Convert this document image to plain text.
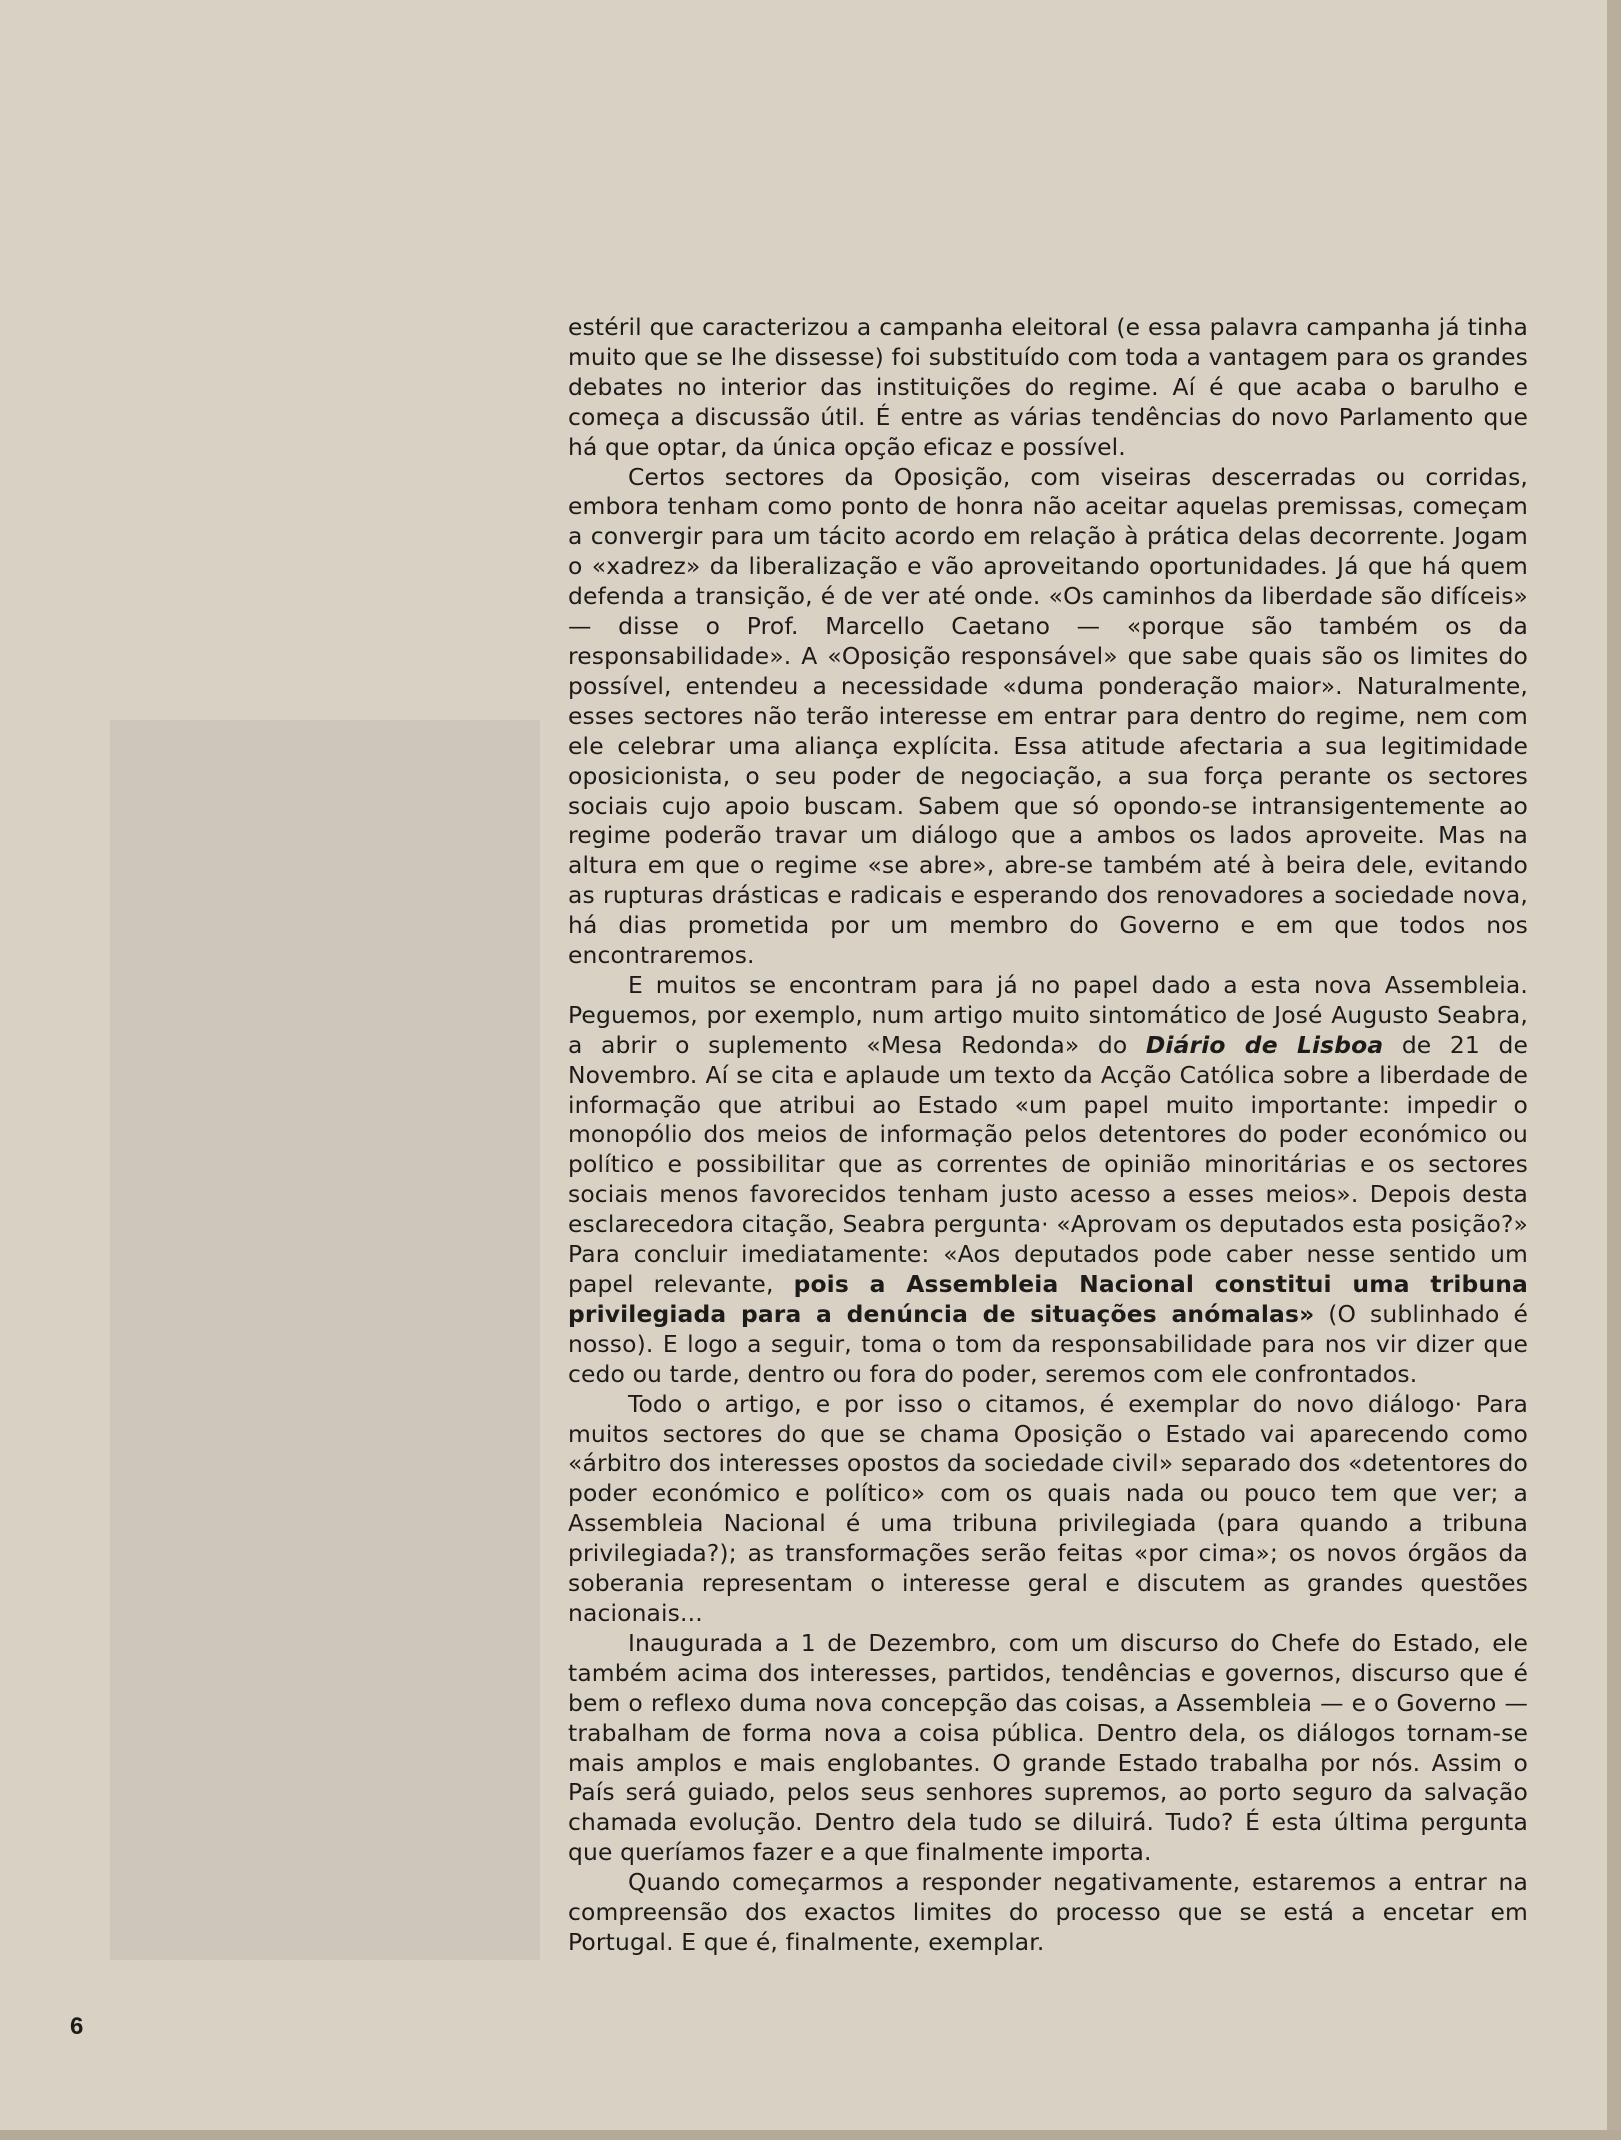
estéril que caracterizou a campanha eleitoral (e essa palavra campanha já tinha muito que se lhe dissesse) foi substituído com toda a vantagem para os grandes debates no interior das instituições do regime. Aí é que acaba o barulho e começa a discussão útil. É entre as várias tendências do novo Parlamento que há que optar, da única opção eficaz e possível.

Certos sectores da Oposição, com viseiras descerradas ou corridas, embora tenham como ponto de honra não aceitar aquelas premissas, começam a convergir para um tácito acordo em relação à prática delas decorrente. Jogam o «xadrez» da liberalização e vão aproveitando oportunidades. Já que há quem defenda a transição, é de ver até onde. «Os caminhos da liberdade são difíceis» — disse o Prof. Marcello Caetano — «porque são também os da responsabilidade». A «Oposição responsável» que sabe quais são os limites do possível, entendeu a necessidade «duma ponderação maior». Naturalmente, esses sectores não terão interesse em entrar para dentro do regime, nem com ele celebrar uma aliança explícita. Essa atitude afectaria a sua legitimidade oposicionista, o seu poder de negociação, a sua força perante os sectores sociais cujo apoio buscam. Sabem que só opondo-se intransigentemente ao regime poderão travar um diálogo que a ambos os lados aproveite. Mas na altura em que o regime «se abre», abre-se também até à beira dele, evitando as rupturas drásticas e radicais e esperando dos renovadores a sociedade nova, há dias prometida por um membro do Governo e em que todos nos encontraremos.

E muitos se encontram para já no papel dado a esta nova Assembleia. Peguemos, por exemplo, num artigo muito sintomático de José Augusto Seabra, a abrir o suplemento «Mesa Redonda» do Diário de Lisboa de 21 de Novembro. Aí se cita e aplaude um texto da Acção Católica sobre a liberdade de informação que atribui ao Estado «um papel muito importante: impedir o monopólio dos meios de informação pelos detentores do poder económico ou político e possibilitar que as correntes de opinião minoritárias e os sectores sociais menos favorecidos tenham justo acesso a esses meios». Depois desta esclarecedora citação, Seabra pergunta· «Aprovam os deputados esta posição?» Para concluir imediatamente: «Aos deputados pode caber nesse sentido um papel relevante, pois a Assembleia Nacional constitui uma tribuna privilegiada para a denúncia de situações anómalas» (O sublinhado é nosso). E logo a seguir, toma o tom da responsabilidade para nos vir dizer que cedo ou tarde, dentro ou fora do poder, seremos com ele confrontados.

Todo o artigo, e por isso o citamos, é exemplar do novo diálogo· Para muitos sectores do que se chama Oposição o Estado vai aparecendo como «árbitro dos interesses opostos da sociedade civil» separado dos «detentores do poder económico e político» com os quais nada ou pouco tem que ver; a Assembleia Nacional é uma tribuna privilegiada (para quando a tribuna privilegiada?); as transformações serão feitas «por cima»; os novos órgãos da soberania representam o interesse geral e discutem as grandes questões nacionais...

Inaugurada a 1 de Dezembro, com um discurso do Chefe do Estado, ele também acima dos interesses, partidos, tendências e governos, discurso que é bem o reflexo duma nova concepção das coisas, a Assembleia — e o Governo — trabalham de forma nova a coisa pública. Dentro dela, os diálogos tornam-se mais amplos e mais englobantes. O grande Estado trabalha por nós. Assim o País será guiado, pelos seus senhores supremos, ao porto seguro da salvação chamada evolução. Dentro dela tudo se diluirá. Tudo? É esta última pergunta que queríamos fazer e a que finalmente importa.

Quando começarmos a responder negativamente, estaremos a entrar na compreensão dos exactos limites do processo que se está a encetar em Portugal. E que é, finalmente, exemplar.

6
